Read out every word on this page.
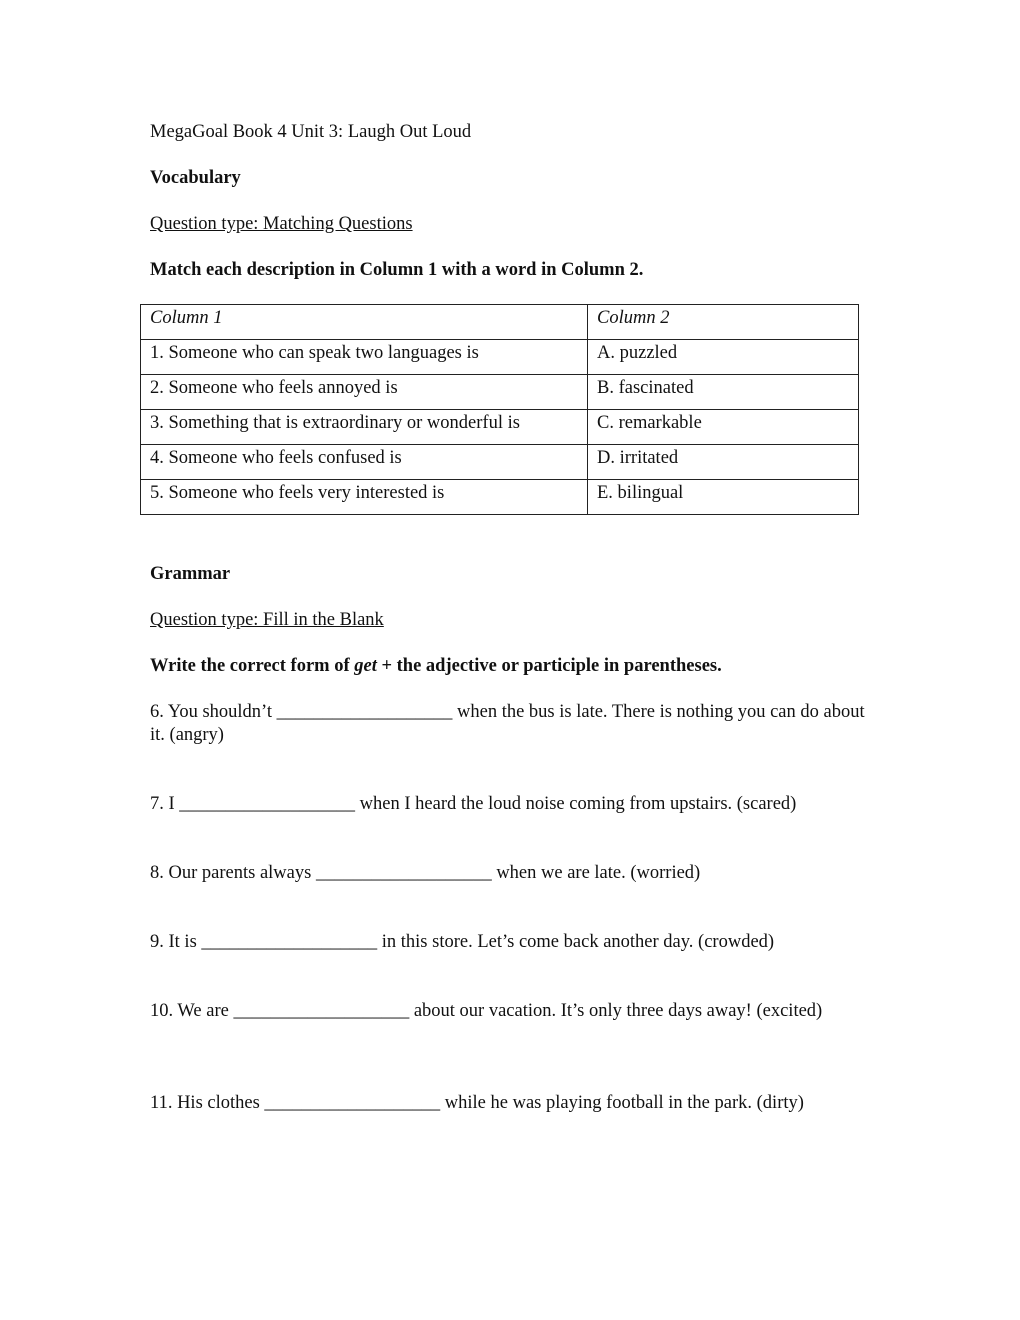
MegaGoal Book 4 Unit 3: Laugh Out Loud
Vocabulary
Question type: Matching Questions
Match each description in Column 1 with a word in Column 2.
Column 1	Column 2
1. Someone who can speak two languages is	A. puzzled
2. Someone who feels annoyed is	B. fascinated
3. Something that is extraordinary or wonderful is	C. remarkable
4. Someone who feels confused is	D. irritated
5. Someone who feels very interested is	E. bilingual
Grammar
Question type: Fill in the Blank
Write the correct form of get + the adjective or participle in parentheses.
6. You shouldn’t ___________________ when the bus is late. There is nothing you can do about it. (angry)
7. I ___________________ when I heard the loud noise coming from upstairs. (scared)
8. Our parents always ___________________ when we are late. (worried)
9. It is ___________________ in this store. Let’s come back another day. (crowded)
10. We are ___________________ about our vacation. It’s only three days away! (excited)
11. His clothes ___________________ while he was playing football in the park. (dirty)
